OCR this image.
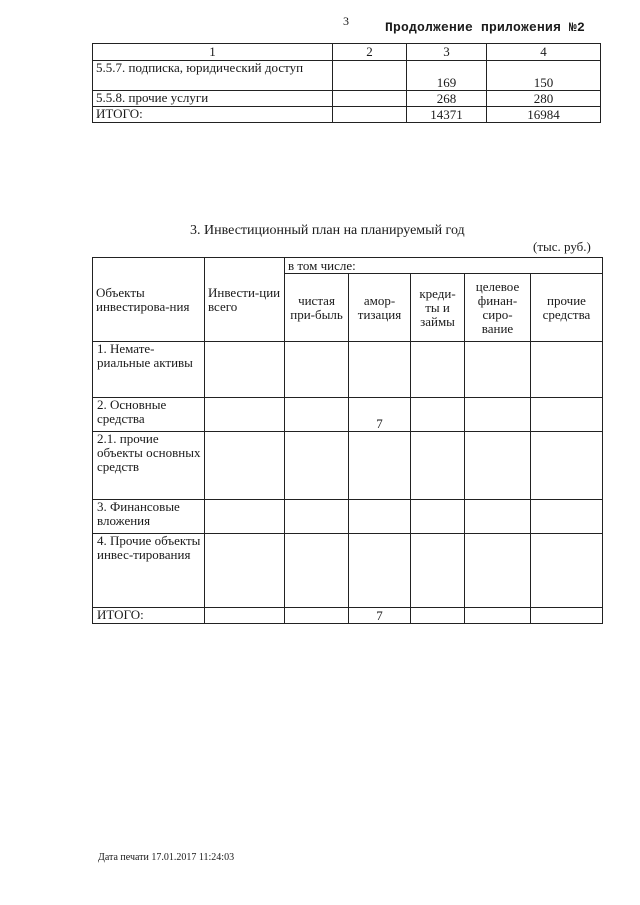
3	Продолжение приложения №2
1	2	3	4
5.5.7. подписка, юридический доступ		169	150
5.5.8. прочие услуги		268	280
ИТОГО:		14371	16984
3. Инвестиционный план на планируемый год
(тыс. руб.)
Объекты инвестирова-ния	Инвести-ции всего	в том числе:				
		чистая при-быль	амор-тизация	креди-ты и займы	целевое финан-сиро-вание	прочие средства
1. Немате-риальные активы						
2. Основные средства			7			
2.1. прочие объекты основных средств						
3. Финансовые вложения						
4. Прочие объекты инвес-тирования						
ИТОГО:			7			
Дата печати 17.01.2017 11:24:03
